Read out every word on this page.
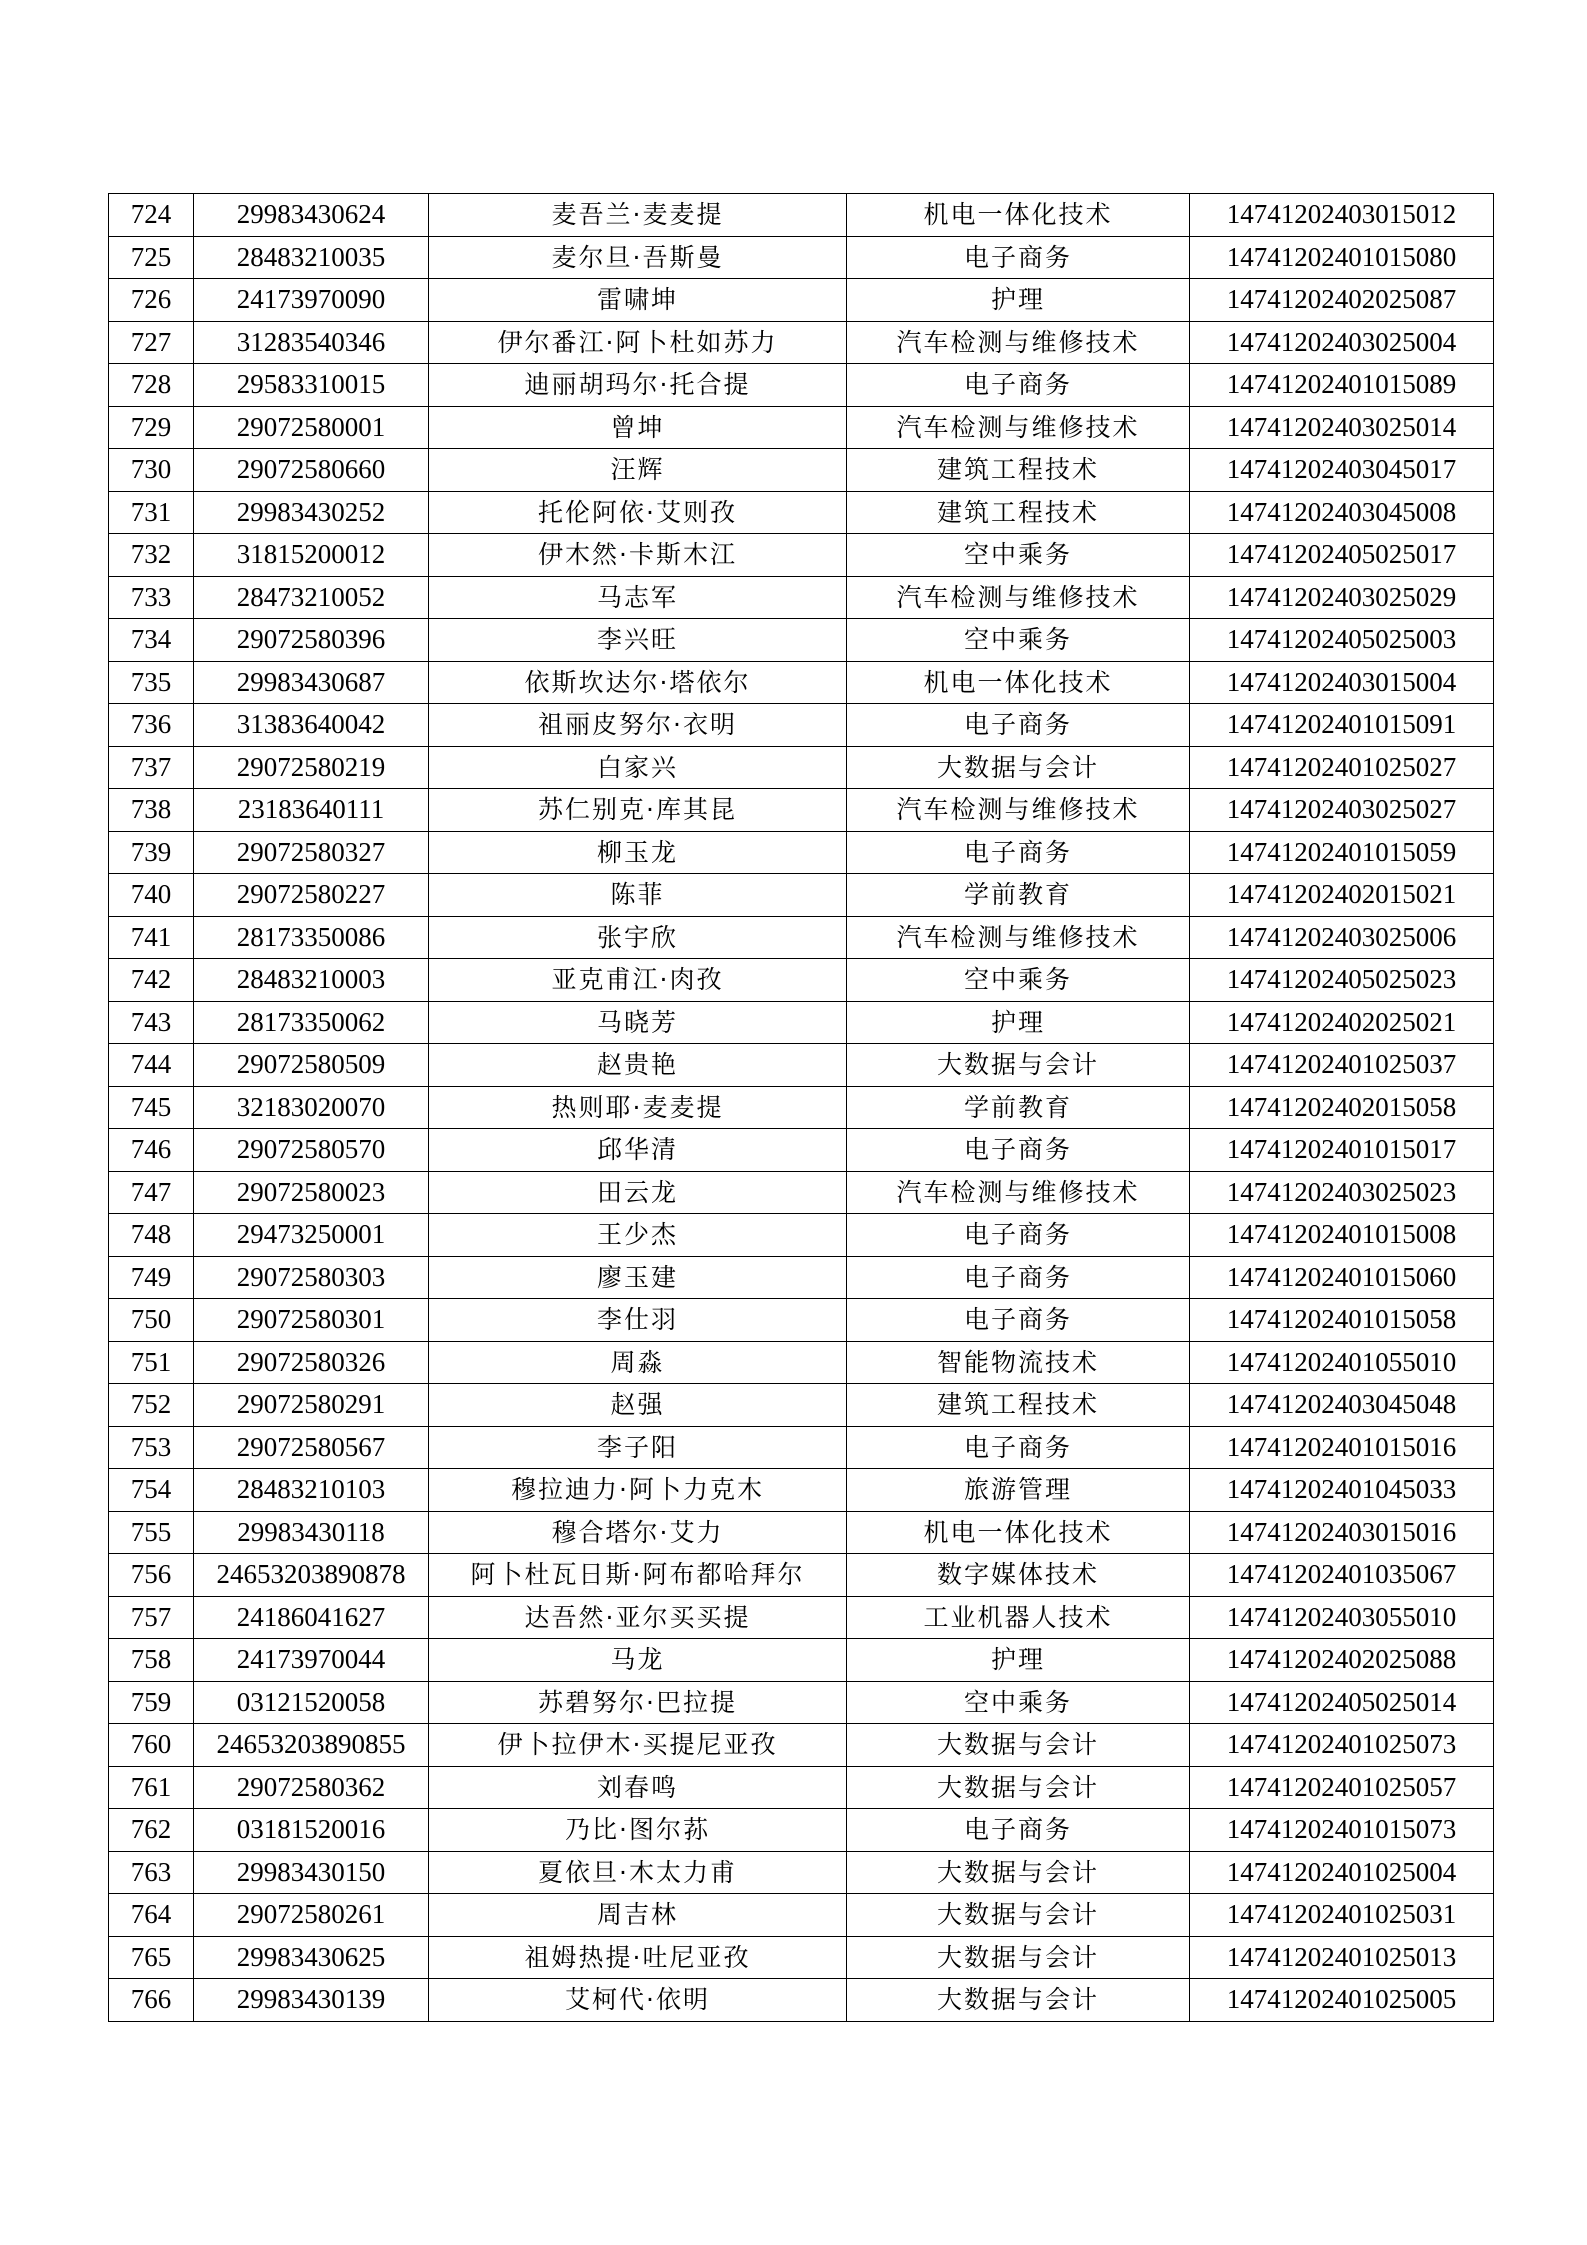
724	29983430624	麦吾兰·麦麦提	机电一体化技术	14741202403015012
725	28483210035	麦尔旦·吾斯曼	电子商务	14741202401015080
726	24173970090	雷啸坤	护理	14741202402025087
727	31283540346	伊尔番江·阿卜杜如苏力	汽车检测与维修技术	14741202403025004
728	29583310015	迪丽胡玛尔·托合提	电子商务	14741202401015089
729	29072580001	曾坤	汽车检测与维修技术	14741202403025014
730	29072580660	汪辉	建筑工程技术	14741202403045017
731	29983430252	托伦阿依·艾则孜	建筑工程技术	14741202403045008
732	31815200012	伊木然·卡斯木江	空中乘务	14741202405025017
733	28473210052	马志军	汽车检测与维修技术	14741202403025029
734	29072580396	李兴旺	空中乘务	14741202405025003
735	29983430687	依斯坎达尔·塔依尔	机电一体化技术	14741202403015004
736	31383640042	祖丽皮努尔·衣明	电子商务	14741202401015091
737	29072580219	白家兴	大数据与会计	14741202401025027
738	23183640111	苏仁别克·库其昆	汽车检测与维修技术	14741202403025027
739	29072580327	柳玉龙	电子商务	14741202401015059
740	29072580227	陈菲	学前教育	14741202402015021
741	28173350086	张宇欣	汽车检测与维修技术	14741202403025006
742	28483210003	亚克甫江·肉孜	空中乘务	14741202405025023
743	28173350062	马晓芳	护理	14741202402025021
744	29072580509	赵贵艳	大数据与会计	14741202401025037
745	32183020070	热则耶·麦麦提	学前教育	14741202402015058
746	29072580570	邱华清	电子商务	14741202401015017
747	29072580023	田云龙	汽车检测与维修技术	14741202403025023
748	29473250001	王少杰	电子商务	14741202401015008
749	29072580303	廖玉建	电子商务	14741202401015060
750	29072580301	李仕羽	电子商务	14741202401015058
751	29072580326	周淼	智能物流技术	14741202401055010
752	29072580291	赵强	建筑工程技术	14741202403045048
753	29072580567	李子阳	电子商务	14741202401015016
754	28483210103	穆拉迪力·阿卜力克木	旅游管理	14741202401045033
755	29983430118	穆合塔尔·艾力	机电一体化技术	14741202403015016
756	24653203890878	阿卜杜瓦日斯·阿布都哈拜尔	数字媒体技术	14741202401035067
757	24186041627	达吾然·亚尔买买提	工业机器人技术	14741202403055010
758	24173970044	马龙	护理	14741202402025088
759	03121520058	苏碧努尔·巴拉提	空中乘务	14741202405025014
760	24653203890855	伊卜拉伊木·买提尼亚孜	大数据与会计	14741202401025073
761	29072580362	刘春鸣	大数据与会计	14741202401025057
762	03181520016	乃比·图尔荪	电子商务	14741202401015073
763	29983430150	夏依旦·木太力甫	大数据与会计	14741202401025004
764	29072580261	周吉林	大数据与会计	14741202401025031
765	29983430625	祖姆热提·吐尼亚孜	大数据与会计	14741202401025013
766	29983430139	艾柯代·依明	大数据与会计	14741202401025005
